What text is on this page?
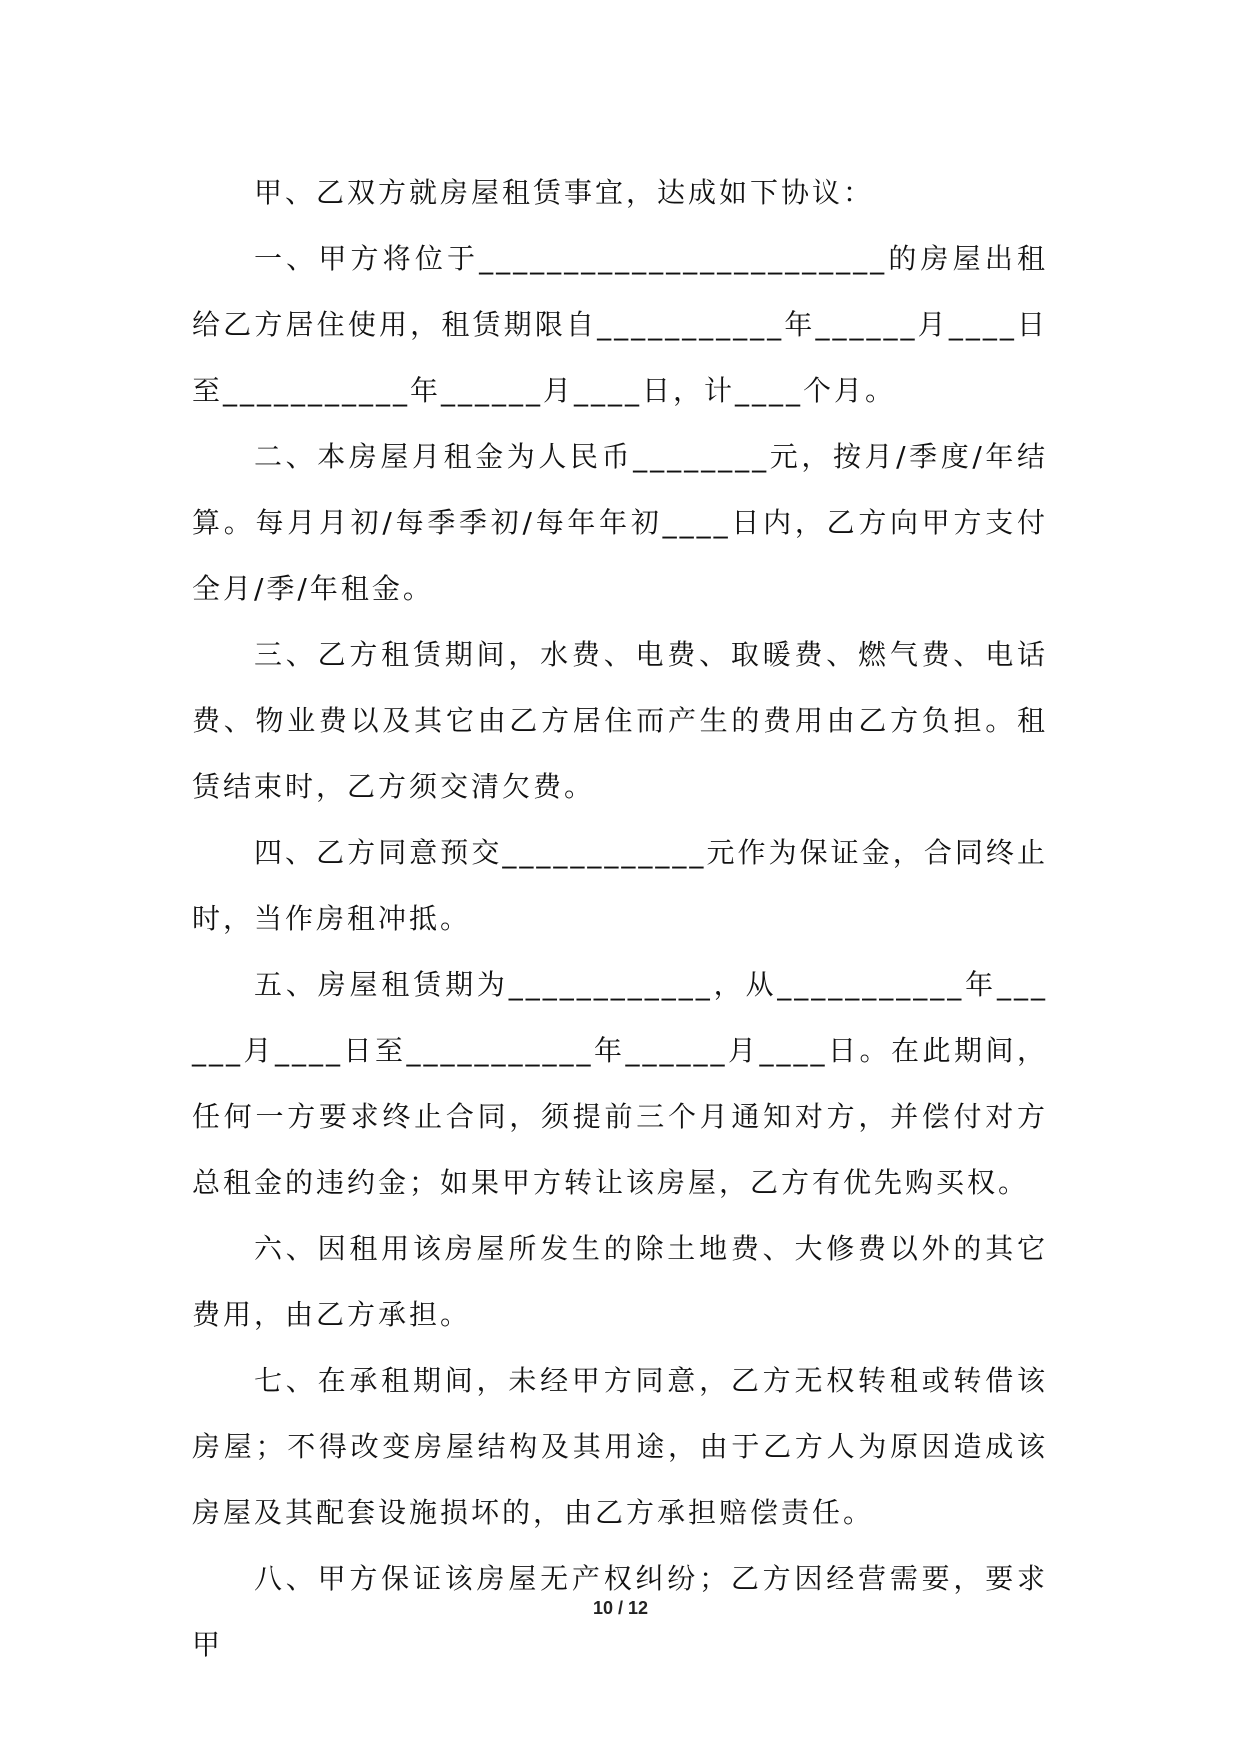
甲、乙双方就房屋租赁事宜，达成如下协议：

一、甲方将位于________________________的房屋出租给乙方居住使用，租赁期限自___________年______月____日至___________年______月____日，计____个月。

二、本房屋月租金为人民币________元，按月/季度/年结算。每月月初/每季季初/每年年初____日内，乙方向甲方支付全月/季/年租金。

三、乙方租赁期间，水费、电费、取暖费、燃气费、电话费、物业费以及其它由乙方居住而产生的费用由乙方负担。租赁结束时，乙方须交清欠费。

四、乙方同意预交____________元作为保证金，合同终止时，当作房租冲抵。

五、房屋租赁期为____________，从___________年______月____日至___________年______月____日。在此期间，任何一方要求终止合同，须提前三个月通知对方，并偿付对方总租金的违约金；如果甲方转让该房屋，乙方有优先购买权。

六、因租用该房屋所发生的除土地费、大修费以外的其它费用，由乙方承担。

七、在承租期间，未经甲方同意，乙方无权转租或转借该房屋；不得改变房屋结构及其用途，由于乙方人为原因造成该房屋及其配套设施损坏的，由乙方承担赔偿责任。

八、甲方保证该房屋无产权纠纷；乙方因经营需要，要求甲

10 / 12
